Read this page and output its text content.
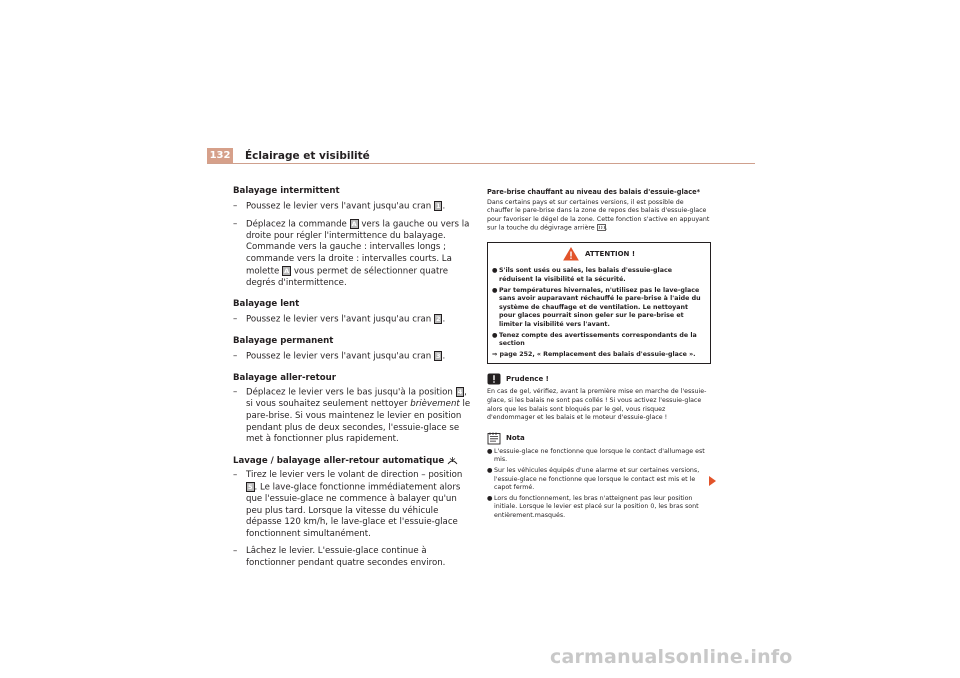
132 Éclairage et visibilité
Balayage intermittent
–	Poussez le levier vers l'avant jusqu'au cran 1 .
–	Déplacez la commande A vers la gauche ou vers la droite pour régler l'intermittence du balayage. Commande vers la gauche : intervalles longs ; commande vers la droite : intervalles courts. La molette A vous permet de sélectionner quatre degrés d'intermittence.
Balayage lent
–	Poussez le levier vers l'avant jusqu'au cran 2 .
Balayage permanent
–	Poussez le levier vers l'avant jusqu'au cran 3 .
Balayage aller-retour
–	Déplacez le levier vers le bas jusqu'à la position 4 , si vous souhaitez seulement nettoyer brièvement le pare-brise. Si vous maintenez le levier en position pendant plus de deux secondes, l'essuie-glace se met à fonctionner plus rapidement.
Lavage / balayage aller-retour automatique
–	Tirez le levier vers le volant de direction – position 5 . Le lave-glace fonctionne immédiatement alors que l'essuie-glace ne commence à balayer qu'un peu plus tard. Lorsque la vitesse du véhicule dépasse 120 km/h, le lave-glace et l'essuie-glace fonctionnent simultanément.
–	Lâchez le levier. L'essuie-glace continue à fonctionner pendant quatre secondes environ.
Pare-brise chauffant au niveau des balais d'essuie-glace*
Dans certains pays et sur certaines versions, il est possible de chauffer le pare-brise dans la zone de repos des balais d'essuie-glace pour favoriser le dégel de la zone. Cette fonction s'active en appuyant sur la touche du dégivrage arrière .
ATTENTION !
● S'ils sont usés ou sales, les balais d'essuie-glace réduisent la visibilité et la sécurité.
● Par températures hivernales, n'utilisez pas le lave-glace sans avoir auparavant réchauffé le pare-brise à l'aide du système de chauffage et de ventilation. Le nettoyant pour glaces pourrait sinon geler sur le pare-brise et limiter la visibilité vers l'avant.
● Tenez compte des avertissements correspondants de la section
⇒ page 252, « Remplacement des balais d'essuie-glace ».
Prudence !
En cas de gel, vérifiez, avant la première mise en marche de l'essuie-glace, si les balais ne sont pas collés ! Si vous activez l'essuie-glace alors que les balais sont bloqués par le gel, vous risquez d'endommager et les balais et le moteur d'essuie-glace !
Nota
● L'essuie-glace ne fonctionne que lorsque le contact d'allumage est mis.
● Sur les véhicules équipés d'une alarme et sur certaines versions, l'essuie-glace ne fonctionne que lorsque le contact est mis et le capot fermé.
● Lors du fonctionnement, les bras n'atteignent pas leur position initiale. Lorsque le levier est placé sur la position 0, les bras sont entièrement.masqués.
carmanualsonline.info
